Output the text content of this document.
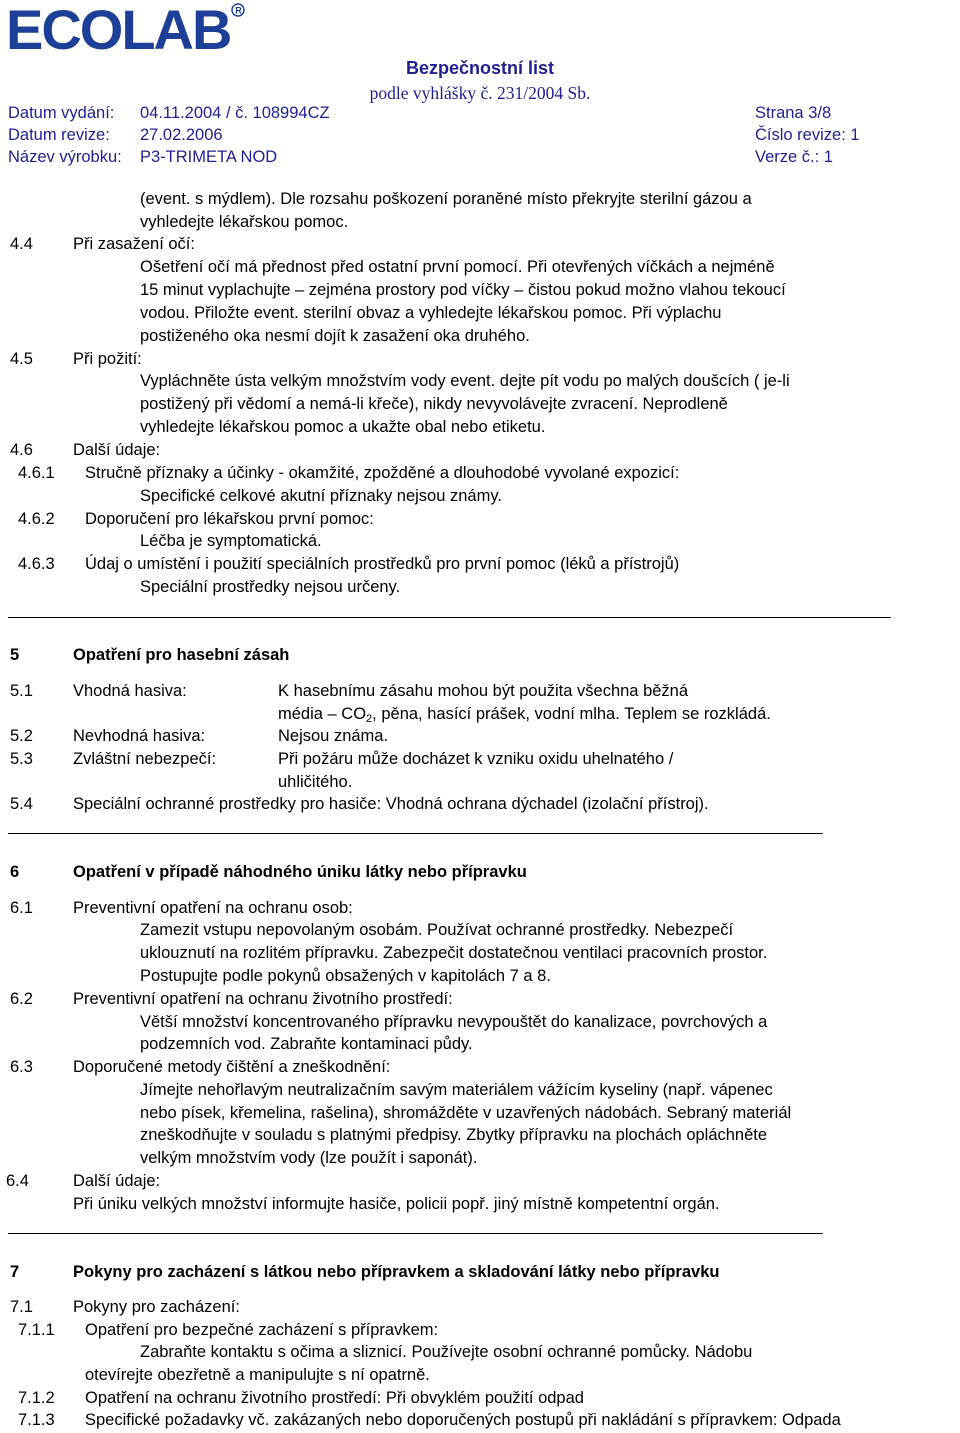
ECOLAB R
Bezpečnostní list
podle vyhlášky č. 231/2004 Sb.
Datum vydání: 04.11.2004 / č. 108994CZ	Strana 3/8
Datum revize: 27.02.2006	Číslo revize: 1
Název výrobku: P3-TRIMETA NOD	Verze č.: 1
(event. s mýdlem). Dle rozsahu poškození poraněné místo překryjte sterilní gázou a
vyhledejte lékařskou pomoc.
4.4 Při zasažení očí:
Ošetření očí má přednost před ostatní první pomocí. Při otevřených víčkách a nejméně
15 minut vyplachujte – zejména prostory pod víčky – čistou pokud možno vlahou tekoucí
vodou. Přiložte event. sterilní obvaz a vyhledejte lékařskou pomoc. Při výplachu
postiženého oka nesmí dojít k zasažení oka druhého.
4.5 Při požití:
Vypláchněte ústa velkým množstvím vody event. dejte pít vodu po malých doušcích ( je-li
postižený při vědomí a nemá-li křeče), nikdy nevyvolávejte zvracení. Neprodleně
vyhledejte lékařskou pomoc a ukažte obal nebo etiketu.
4.6 Další údaje:
4.6.1 Stručně příznaky a účinky - okamžité, zpožděné a dlouhodobé vyvolané expozicí:
Specifické celkové akutní příznaky nejsou známy.
4.6.2 Doporučení pro lékařskou první pomoc:
Léčba je symptomatická.
4.6.3 Údaj o umístění i použití speciálních prostředků pro první pomoc (léků a přístrojů)
Speciální prostředky nejsou určeny.
5	Opatření pro hasební zásah
5.1 Vhodná hasiva:	K hasebnímu zásahu mohou být použita všechna běžná
média – $CO_2$, pěna, hasící prášek, vodní mlha. Teplem se rozkládá.
5.2 Nevhodná hasiva:	Nejsou známa.
5.3 Zvláštní nebezpečí:	Při požáru může docházet k vzniku oxidu uhelnatého /
uhličitého.
5.4 Speciální ochranné prostředky pro hasiče: Vhodná ochrana dýchadel (izolační přístroj).
6	Opatření v případě náhodného úniku látky nebo přípravku
6.1 Preventivní opatření na ochranu osob:
Zamezit vstupu nepovolaným osobám. Používat ochranné prostředky. Nebezpečí
uklouznutí na rozlitém přípravku. Zabezpečit dostatečnou ventilaci pracovních prostor.
Postupujte podle pokynů obsažených v kapitolách 7 a 8.
6.2 Preventivní opatření na ochranu životního prostředí:
Větší množství koncentrovaného přípravku nevypouštět do kanalizace, povrchových a
podzemních vod. Zabraňte kontaminaci půdy.
6.3 Doporučené metody čištění a zneškodnění:
Jímejte nehořlavým neutralizačním savým materiálem vážícím kyseliny (např. vápenec
nebo písek, křemelina, rašelina), shromážděte v uzavřených nádobách. Sebraný materiál
zneškodňujte v souladu s platnými předpisy. Zbytky přípravku na plochách opláchněte
velkým množstvím vody (lze použít i saponát).
6.4	Další údaje:
Při úniku velkých množství informujte hasiče, policii popř. jiný místně kompetentní orgán.
7	Pokyny pro zacházení s látkou nebo přípravkem a skladování látky nebo přípravku
7.1 Pokyny pro zacházení:
7.1.1 Opatření pro bezpečné zacházení s přípravkem:
Zabraňte kontaktu s očima a sliznicí. Používejte osobní ochranné pomůcky. Nádobu
otevírejte obezřetně a manipulujte s ní opatrně.
7.1.2 Opatření na ochranu životního prostředí: Při obvyklém použití odpad
7.1.3 Specifické požadavky vč. zakázaných nebo doporučených postupů při nakládání s přípravkem: Odpada
